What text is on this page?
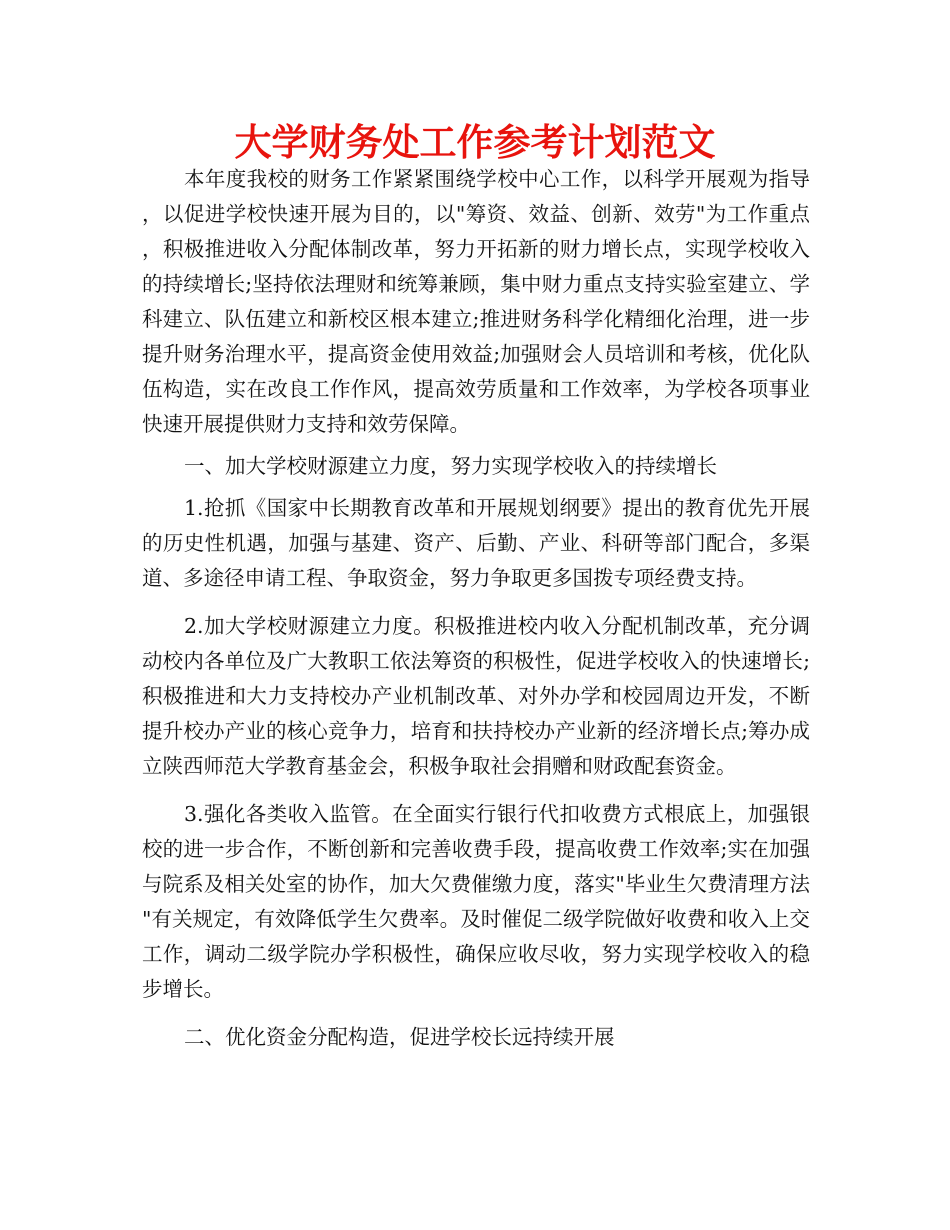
大学财务处工作参考计划范文

本年度我校的财务工作紧紧围绕学校中心工作，以科学开展观为指导，以促进学校快速开展为目的，以"筹资、效益、创新、效劳"为工作重点，积极推进收入分配体制改革，努力开拓新的财力增长点，实现学校收入的持续增长;坚持依法理财和统筹兼顾，集中财力重点支持实验室建立、学科建立、队伍建立和新校区根本建立;推进财务科学化精细化治理，进一步提升财务治理水平，提高资金使用效益;加强财会人员培训和考核，优化队伍构造，实在改良工作作风，提高效劳质量和工作效率，为学校各项事业快速开展提供财力支持和效劳保障。

一、加大学校财源建立力度，努力实现学校收入的持续增长

1.抢抓《国家中长期教育改革和开展规划纲要》提出的教育优先开展的历史性机遇，加强与基建、资产、后勤、产业、科研等部门配合，多渠道、多途径申请工程、争取资金，努力争取更多国拨专项经费支持。

2.加大学校财源建立力度。积极推进校内收入分配机制改革，充分调动校内各单位及广大教职工依法筹资的积极性，促进学校收入的快速增长;积极推进和大力支持校办产业机制改革、对外办学和校园周边开发，不断提升校办产业的核心竞争力，培育和扶持校办产业新的经济增长点;筹办成立陕西师范大学教育基金会，积极争取社会捐赠和财政配套资金。

3.强化各类收入监管。在全面实行银行代扣收费方式根底上，加强银校的进一步合作，不断创新和完善收费手段，提高收费工作效率;实在加强与院系及相关处室的协作，加大欠费催缴力度，落实"毕业生欠费清理方法"有关规定，有效降低学生欠费率。及时催促二级学院做好收费和收入上交工作，调动二级学院办学积极性，确保应收尽收，努力实现学校收入的稳步增长。

二、优化资金分配构造，促进学校长远持续开展
